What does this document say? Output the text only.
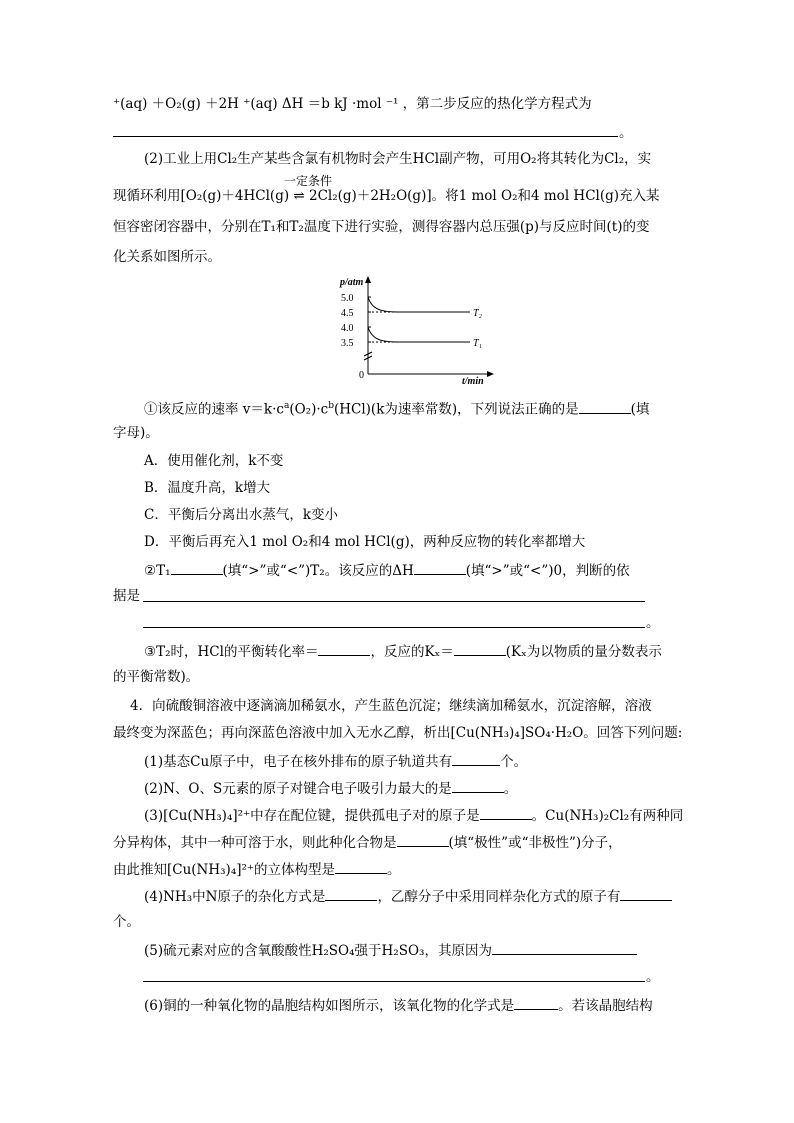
⁺(aq) ＋O₂(g) ＋2H ⁺(aq) ΔH ＝b kJ ·mol ⁻¹ ，第二步反应的热化学方程式为
。
(2)工业上用Cl₂生产某些含氯有机物时会产生HCl副产物，可用O₂将其转化为Cl₂，实
一定条件
现循环利用[O₂(g)＋4HCl(g) ⇌ 2Cl₂(g)＋2H₂O(g)]。将1 mol O₂和4 mol HCl(g)充入某
恒容密闭容器中，分别在T₁和T₂温度下进行实验，测得容器内总压强(p)与反应时间(t)的变
化关系如图所示。
p/atm
t/min
0
5.0
4.5
4.0
3.5
T₂
T₁
①该反应的速率 $v=k\cdot c^a(O_2)\cdot c^b(HCl)(k$为速率常数)，下列说法正确的是	(填
字母)。
A．使用催化剂，k不变
B．温度升高，k增大
C．平衡后分离出水蒸气，k变小
D．平衡后再充入1 mol O₂和4 mol HCl(g)，两种反应物的转化率都增大
②T₁	(填“>”或“<”)T₂。该反应的ΔH	(填“>”或“<”)0，判断的依
据是
。
③T₂时，HCl的平衡转化率＝	，反应的Kₓ＝	(Kₓ为以物质的量分数表示
的平衡常数)。
4．向硫酸铜溶液中逐滴滴加稀氨水，产生蓝色沉淀；继续滴加稀氨水，沉淀溶解，溶液
最终变为深蓝色；再向深蓝色溶液中加入无水乙醇，析出[Cu(NH₃)₄]SO₄·H₂O。回答下列问题:
(1)基态Cu原子中，电子在核外排布的原子轨道共有	个。
(2)N、O、S元素的原子对键合电子吸引力最大的是	。
(3)[Cu(NH₃)₄]²⁺中存在配位键，提供孤电子对的原子是	。Cu(NH₃)₂Cl₂有两种同
分异构体，其中一种可溶于水，则此种化合物是	(填“极性”或“非极性”)分子，
由此推知[Cu(NH₃)₄]²⁺的立体构型是	。
(4)NH₃中N原子的杂化方式是	，乙醇分子中采用同样杂化方式的原子有
个。
(5)硫元素对应的含氧酸酸性H₂SO₄强于H₂SO₃，其原因为
。
(6)铜的一种氧化物的晶胞结构如图所示，该氧化物的化学式是	。若该晶胞结构
